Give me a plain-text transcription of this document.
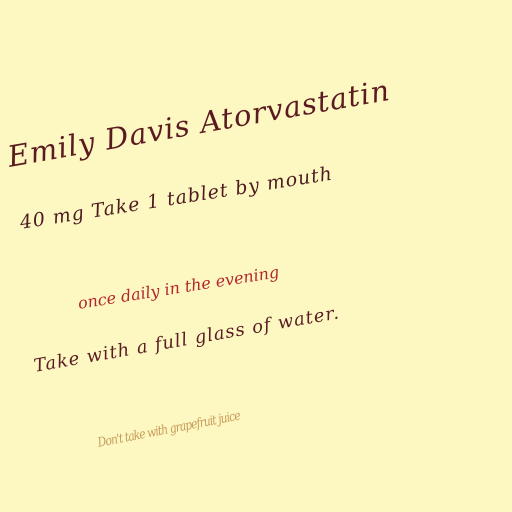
Emily Davis Atorvastatin

40 mg Take 1 tablet by mouth

once daily in the evening

Take with a full glass of water.

Don't take with grapefruit juice
